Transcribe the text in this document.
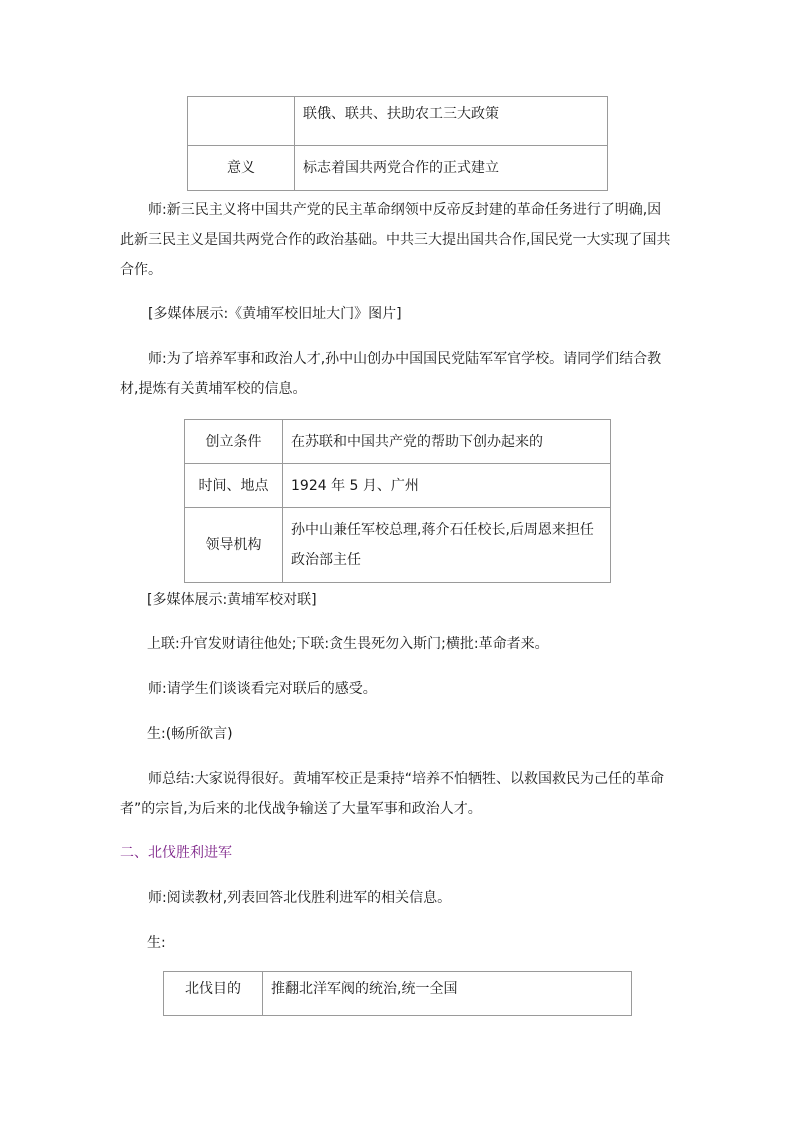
	联俄、联共、扶助农工三大政策
意义	标志着国共两党合作的正式建立
师:新三民主义将中国共产党的民主革命纲领中反帝反封建的革命任务进行了明确,因此新三民主义是国共两党合作的政治基础。中共三大提出国共合作,国民党一大实现了国共合作。
[多媒体展示:《黄埔军校旧址大门》图片]
师:为了培养军事和政治人才,孙中山创办中国国民党陆军军官学校。请同学们结合教材,提炼有关黄埔军校的信息。
创立条件	在苏联和中国共产党的帮助下创办起来的
时间、地点	1924 年 5 月、广州
领导机构	孙中山兼任军校总理,蒋介石任校长,后周恩来担任政治部主任
[多媒体展示:黄埔军校对联]
上联:升官发财请往他处;下联:贪生畏死勿入斯门;横批:革命者来。
师:请学生们谈谈看完对联后的感受。
生:(畅所欲言)
师总结:大家说得很好。黄埔军校正是秉持“培养不怕牺牲、以救国救民为己任的革命者”的宗旨,为后来的北伐战争输送了大量军事和政治人才。
二、北伐胜利进军
师:阅读教材,列表回答北伐胜利进军的相关信息。
生:
北伐目的	推翻北洋军阀的统治,统一全国
